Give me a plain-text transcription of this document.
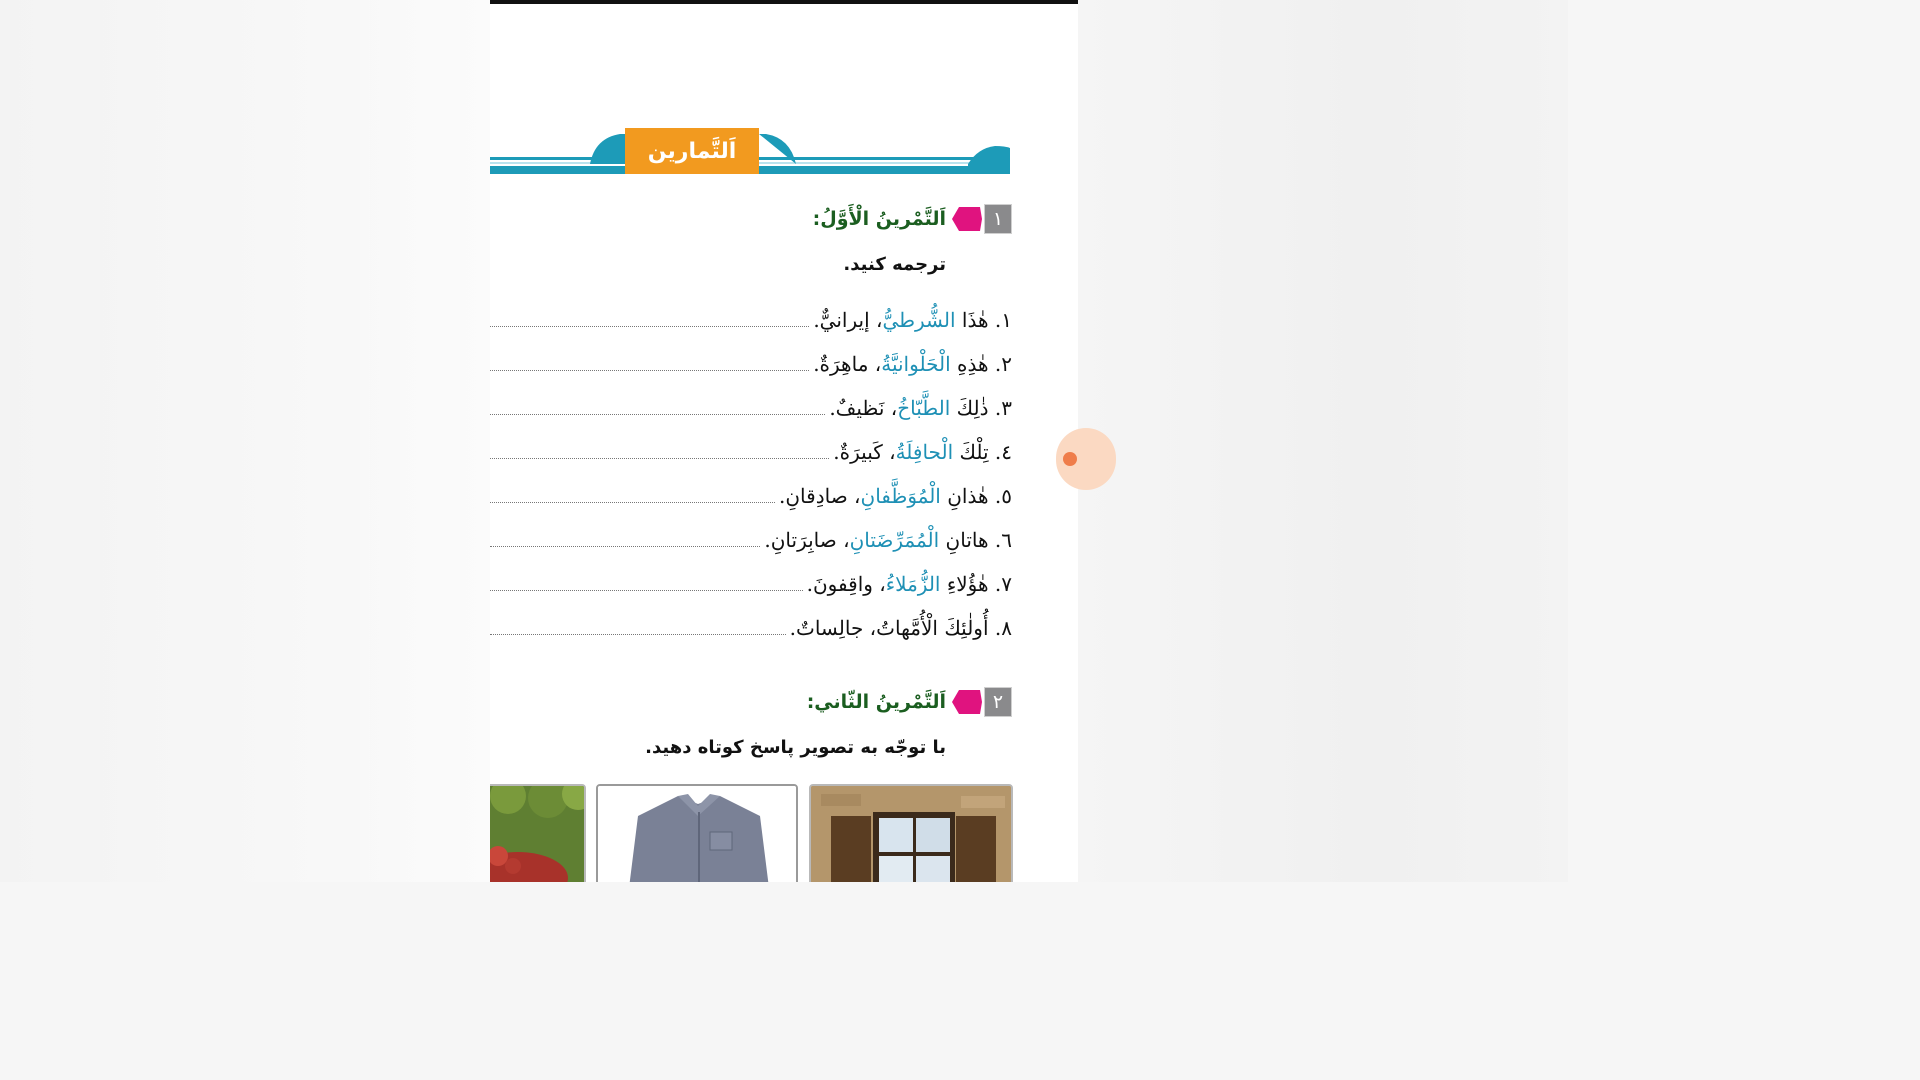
اَلتَّمارين
١
اَلتَّمْرينُ الْأَوَّلُ:
ترجمه كنيد.
١. هٰذَا الشُّرطيُّ، إيرانيٌّ.
٢. هٰذِهِ الْحَلْوانيَّةُ، ماهِرَةٌ.
٣. ذٰلِكَ الطَّبّاخُ، نَظيفٌ.
٤. تِلْكَ الْحافِلَةُ، كَبيرَةٌ.
٥. هٰذانِ الْمُوَظَّفانِ، صادِقانِ.
٦. هاتانِ الْمُمَرِّضَتانِ، صابِرَتانِ.
٧. هٰؤُلاءِ الزُّمَلاءُ، واقِفونَ.
٨. أُولٰئِكَ الْأُمَّهاتُ، جالِساتٌ.
٢
اَلتَّمْرينُ الثّاني:
با توجّه به تصوير پاسخ كوتاه دهيد.
